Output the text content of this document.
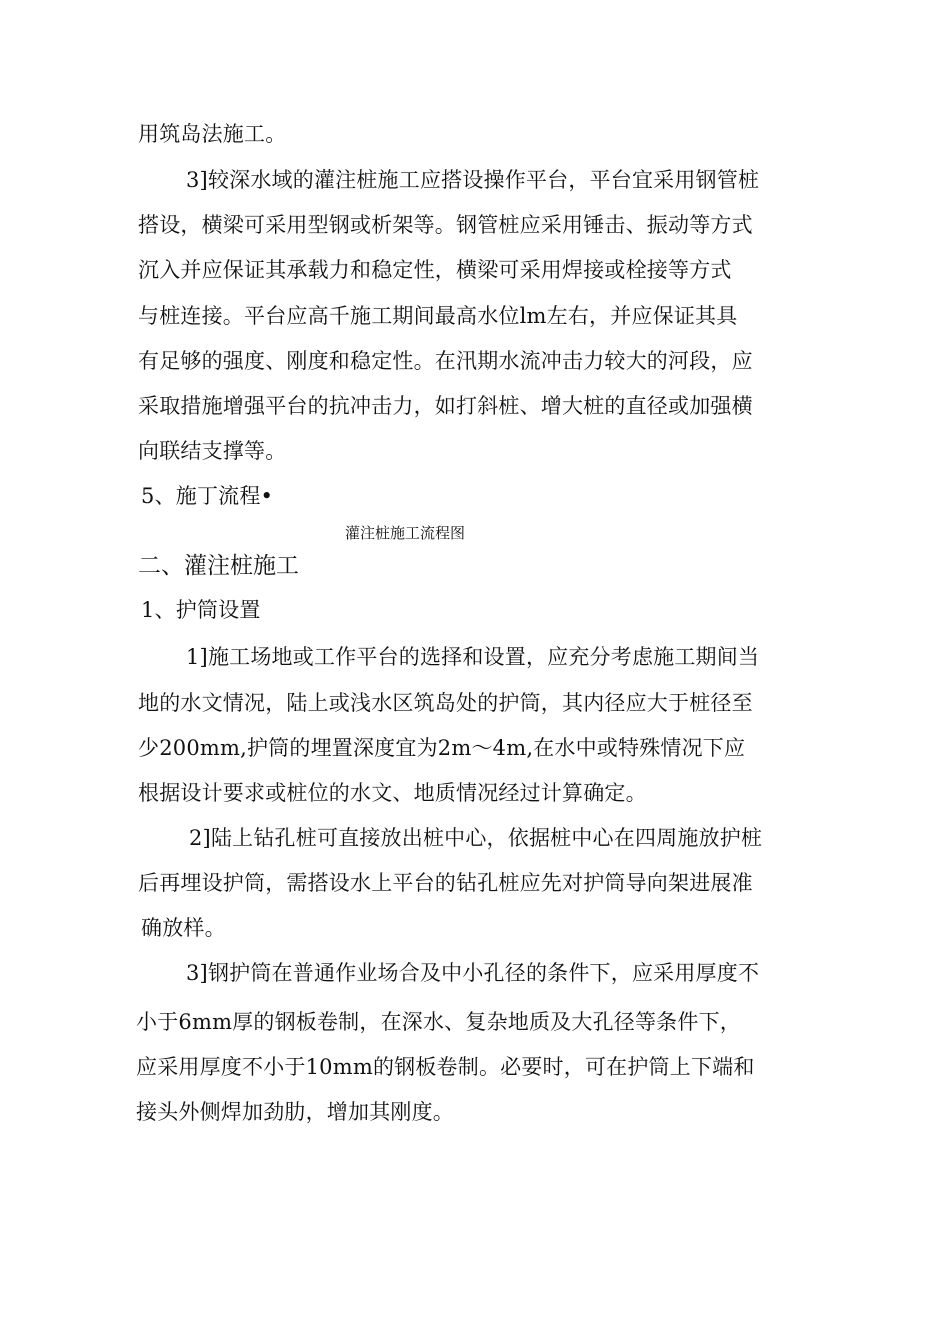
用筑岛法施工。
3]较深水域的灌注桩施工应搭设操作平台，平台宜采用钢管桩
搭设，横梁可采用型钢或析架等。钢管桩应采用锤击、振动等方式
沉入并应保证其承载力和稳定性，横梁可采用焊接或栓接等方式
与桩连接。平台应高千施工期间最高水位lm左右，并应保证其具
有足够的强度、刚度和稳定性。在汛期水流冲击力较大的河段，应
采取措施增强平台的抗冲击力，如打斜桩、增大桩的直径或加强横
向联结支撑等。
5、施丁流程•
灌注桩施工流程图
二、灌注桩施工
1、护筒设置
1]施工场地或工作平台的选择和设置，应充分考虑施工期间当
地的水文情况，陆上或浅水区筑岛处的护筒，其内径应大于桩径至
少200mm,护筒的埋置深度宜为2m～4m,在水中或特殊情况下应
根据设计要求或桩位的水文、地质情况经过计算确定。
2]陆上钻孔桩可直接放出桩中心，依据桩中心在四周施放护桩
后再埋设护筒，需搭设水上平台的钻孔桩应先对护筒导向架进展准
确放样。
3]钢护筒在普通作业场合及中小孔径的条件下，应采用厚度不
小于6mm厚的钢板卷制，在深水、复杂地质及大孔径等条件下，
应采用厚度不小于10mm的钢板卷制。必要时，可在护筒上下端和
接头外侧焊加劲肋，增加其刚度。
